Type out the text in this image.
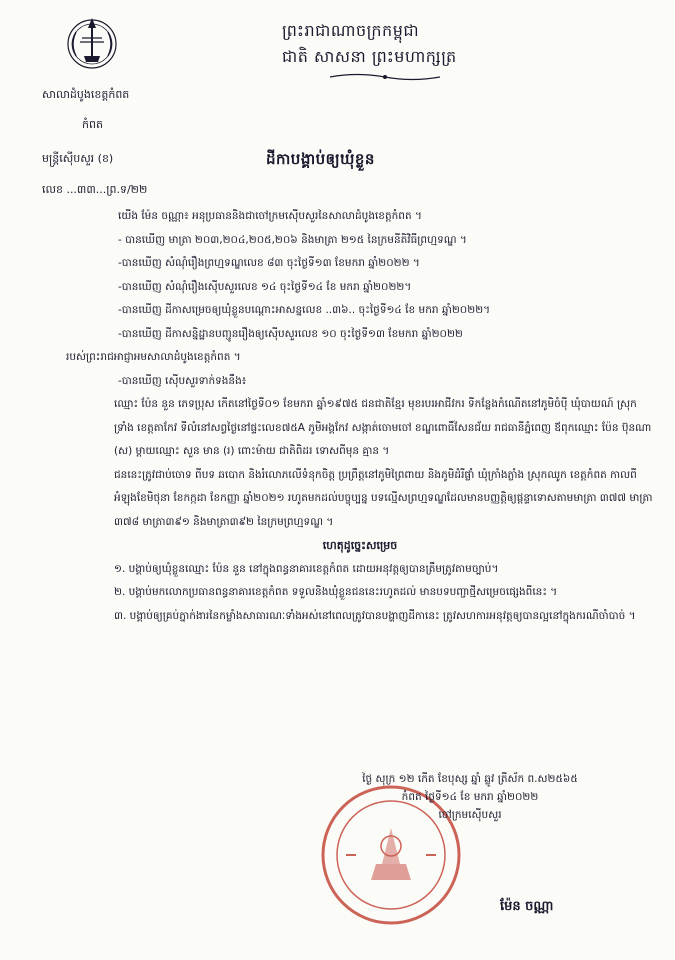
សាលាដំបូងខេត្តកំពត
កំពត
ព្រះរាជាណាចក្រកម្ពុជា
ជាតិ សាសនា ព្រះមហាក្សត្រ
មន្ត្រីស៊ើបសួរ (ខ)	ដីកាបង្គាប់ឲ្យឃុំខ្លួន
លេខ ...៣៣...ព្រ.ទ/២២

យើង ម៉ែន ចណ្ណា៖ អនុប្រធាន​និង​ជា​ចៅក្រម​ស៊ើបសួរ​នៃ​សាលាដំបូង​ខេត្តកំពត ។

- បានឃើញ មាត្រា ២០៣,២០៤,២០៥,២០៦ និងមាត្រា ២១៥ នៃក្រមនីតិវិធីព្រហ្មទណ្ឌ ។

-បានឃើញ សំណុំរឿងព្រហ្មទណ្ឌលេខ ៨៣ ចុះថ្ងៃទី១៣ ខែមករា ឆ្នាំ២០២២ ។

-បានឃើញ សំណុំរឿងស៊ើបសួរលេខ ១៤ ចុះថ្ងៃទី១៤ ខែ មករា ឆ្នាំ២០២២។

-បានឃើញ ដីកាសម្រេចឲ្យឃុំខ្លួនបណ្តោះអាសន្នលេខ ..៣៦.. ចុះថ្ងៃទី១៤ ខែ មករា ឆ្នាំ២០២២។

-បានឃើញ ដីកាសន្និដ្ឋានបញ្ជូនរឿងឲ្យស៊ើបសួរលេខ ១០ ចុះថ្ងៃទី១៣ ខែមករា ឆ្នាំ២០២២

របស់ព្រះរាជអាជ្ញាអមសាលាដំបូងខេត្តកំពត ។

-បានឃើញ ស៊ើបសួរទាក់ទងនឹង៖

ឈ្មោះ ប៉ែន នួន ភេទប្រុស កើតនៅថ្ងៃទី០១ ខែមករា ឆ្នាំ១៩៧៥ ជនជាតិខ្មែរ មុខរបរអាជីវករ ទីកន្លែងកំណើតនៅភូមិចំប៉ី ឃុំបាយណ៍ ស្រុកទ្រាំង ខេត្តតាកែវ ទីលំនៅសព្វថ្ងៃនៅផ្ទះលេខ៧៥A ភូមិអង្គកែវ សង្កាត់ចោមចៅ ខណ្ឌពោធិ៍សែនជ័យ រាជធានីភ្នំពេញ ឪពុកឈ្មោះ ប៉ែន ប៊ុនណា (ស) ម្តាយឈ្មោះ សួន មាន (រ) ពោះម៉ាយ ជាតិពិដរ ទោសពីមុន គ្មាន ។

ជននេះត្រូវជាប់ចោទ ពីបទ ឆបោក និងរំលោភលើទំនុកចិត្ត ប្រព្រឹត្តនៅភូមិព្រៃពាយ និងភូមិដំរីផ្លាំ ឃុំក្រាំងភ្លាំង ស្រុកឈូក ខេត្តកំពត កាលពីអំឡុងខែមិថុនា ខែកក្កដា ខែកញ្ញា ឆ្នាំ២០២១ រហូតមកដល់បច្ចុប្បន្ន បទល្មើសព្រហ្មទណ្ឌដែលមានបញ្ញត្តិឲ្យផ្តន្ទាទោសតាមមាត្រា ៣៧៧ មាត្រា ៣៧៨ មាត្រា៣៩១ និងមាត្រា៣៩២ នៃក្រមព្រហ្មទណ្ឌ ។

ហេតុដូច្នេះសម្រេច

១. បង្គាប់ឲ្យឃុំខ្លួនឈ្មោះ ប៉ែន នួន នៅក្នុងពន្ធនាគារខេត្តកំពត ដោយអនុវត្តឲ្យបានត្រឹមត្រូវតាមច្បាប់។

២. បង្គាប់មកលោកប្រធានពន្ធនាគារខេត្តកំពត ទទួលនិងឃុំខ្លួនជននេះរហូតដល់ មានបទបញ្ជាថ្មីសម្រេចផ្សេងពីនេះ ។

៣. បង្គាប់ឲ្យគ្រប់ភ្នាក់ងារនៃកម្លាំងសាធារណៈទាំងអស់នៅពេលត្រូវបានបង្ហាញដីកានេះ ត្រូវសហការអនុវត្តឲ្យបានល្អនៅក្នុងករណីចាំបាច់ ។

ថ្ងៃ សុក្រ ១២ កើត ខែបុស្ស ឆ្នាំ ឆ្លូវ ត្រីស័ក ព.ស២៥៦៥

កំពត ថ្ងៃទី១៤ ខែ មករា ឆ្នាំ២០២២

ចៅក្រមស៊ើបសួរ

ម៉ែន ចណ្ណា
